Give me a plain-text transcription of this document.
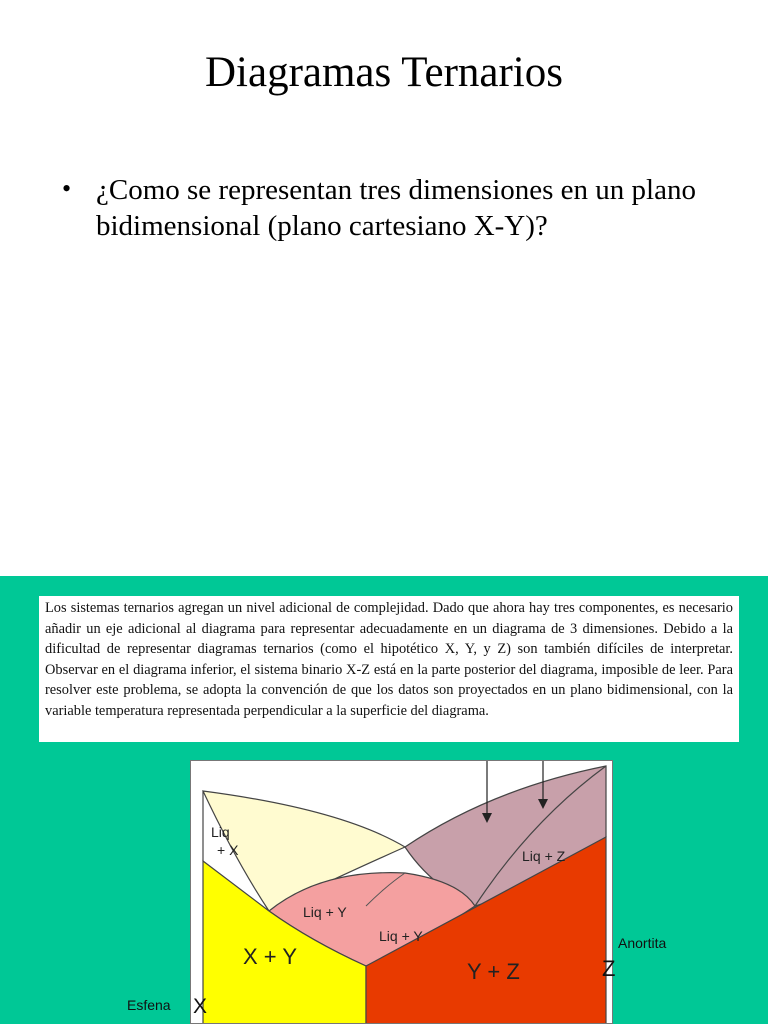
Diagramas Ternarios
• ¿Como se representan tres dimensiones en un plano bidimensional (plano cartesiano X-Y)?
Los sistemas ternarios agregan un nivel adicional de complejidad. Dado que ahora hay tres componentes, es necesario añadir un eje adicional al diagrama para representar adecuadamente en un diagrama de 3 dimensiones. Debido a la dificultad de representar diagramas ternarios (como el hipotético X, Y, y Z) son también difíciles de interpretar. Observar en el diagrama inferior, el sistema binario X-Z está en la parte posterior del diagrama, imposible de leer. Para resolver este problema, se adopta la convención de que los datos son proyectados en un plano bidimensional, con la variable temperatura representada perpendicular a la superficie del diagrama.
Liq
+ X
Liq + Y
Liq + Y
Liq + Z
X + Y
Y + Z
Anortita
Z
Esfena X
